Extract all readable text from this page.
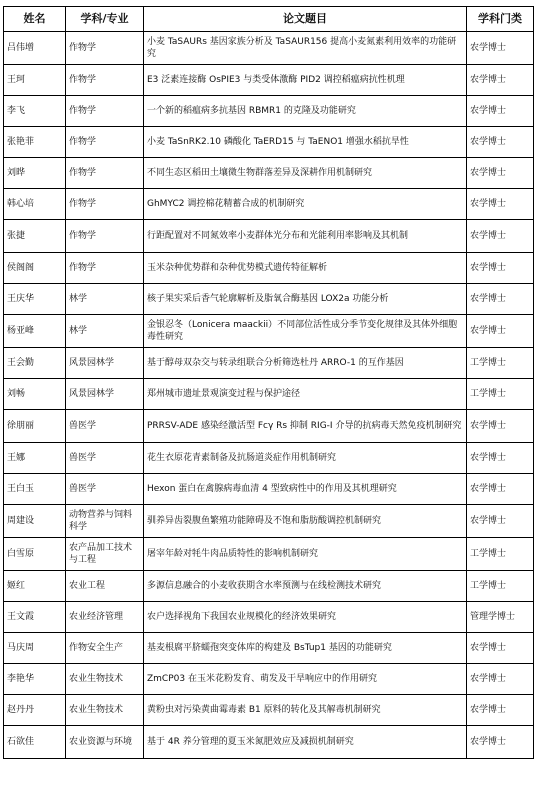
姓名	学科/专业	论文题目	学科门类
吕伟增	作物学	小麦 TaSAURs 基因家族分析及 TaSAUR156 提高小麦氮素利用效率的功能研究	农学博士
王珂	作物学	E3 泛素连接酶 OsPIE3 与类受体激酶 PID2 调控稻瘟病抗性机理	农学博士
李飞	作物学	一个新的稻瘟病多抗基因 RBMR1 的克隆及功能研究	农学博士
张艳菲	作物学	小麦 TaSnRK2.10 磷酸化 TaERD15 与 TaENO1 增强水稻抗旱性	农学博士
刘晔	作物学	不同生态区稻田土壤微生物群落差异及深耕作用机制研究	农学博士
韩心培	作物学	GhMYC2 调控棉花精蓄合成的机制研究	农学博士
张捷	作物学	行距配置对不同氮效率小麦群体光分布和光能利用率影响及其机制	农学博士
侯阁阁	作物学	玉米杂种优势群和杂种优势模式遗传特征解析	农学博士
王庆华	林学	核子果实采后香气轮廓解析及脂氧合酶基因 LOX2a 功能分析	农学博士
杨亚峰	林学	金银忍冬（Lonicera maackii）不同部位活性成分季节变化规律及其体外细胞毒性研究	农学博士
王会勤	风景园林学	基于醇母双杂交与转录组联合分析筛选杜丹 ARRO-1 的互作基因	工学博士
刘畅	风景园林学	郑州城市遗址景观演变过程与保护途径	工学博士
徐朋丽	兽医学	PRRSV-ADE 感染经激活型 Fcγ Rs 抑制 RIG-I 介导的抗病毒天然免疫机制研究	农学博士
王娜	兽医学	花生衣原花青素制备及抗肠道炎症作用机制研究	农学博士
王白玉	兽医学	Hexon 蛋白在禽腺病毒血清 4 型致病性中的作用及其机理研究	农学博士
周建设	动物营养与饲料科学	驯养异齿裂腹鱼繁殖功能障碍及不饱和脂肪酸调控机制研究	农学博士
白雪原	农产品加工技术与工程	屠宰年龄对牦牛肉品质特性的影响机制研究	工学博士
姬红	农业工程	多源信息融合的小麦收获期含水率预测与在线检测技术研究	工学博士
王文霞	农业经济管理	农户选择视角下我国农业规模化的经济效果研究	管理学博士
马庆周	作物安全生产	基麦根腐平脐蠕孢突变体库的构建及 BsTup1 基因的功能研究	农学博士
李艳华	农业生物技术	ZmCP03 在玉米花粉发育、萌发及干旱响应中的作用研究	农学博士
赵丹丹	农业生物技术	黄粉虫对污染黄曲霉毒素 B1 原料的转化及其解毒机制研究	农学博士
石欲佳	农业资源与环境	基于 4R 养分管理的夏玉米氮肥效应及减损机制研究	农学博士
